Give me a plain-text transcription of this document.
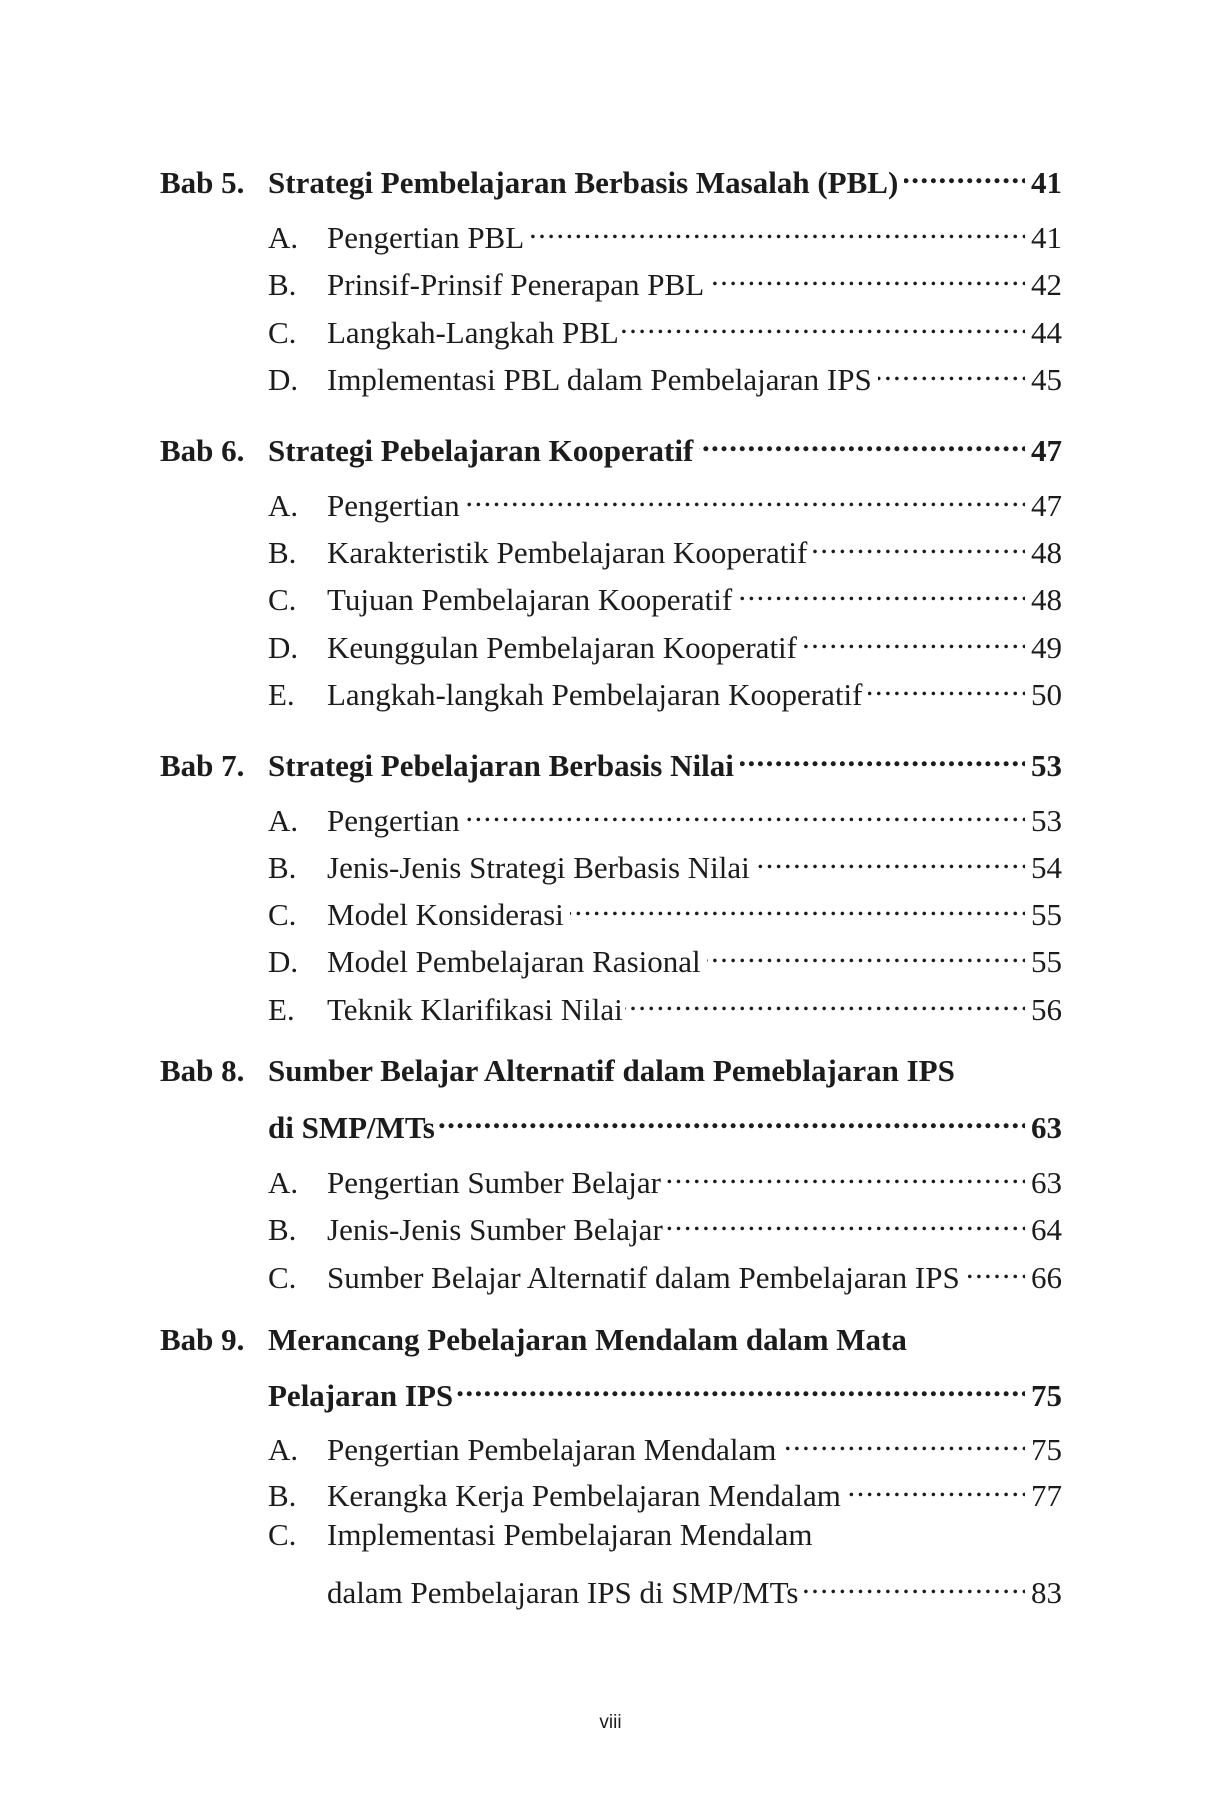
Bab 5. Strategi Pembelajaran Berbasis Masalah (PBL) . . .	41
A. Pengertian PBL . . .	41
B. Prinsif-Prinsif Penerapan PBL . . .	42
C. Langkah-Langkah PBL . . .	44
D. Implementasi PBL dalam Pembelajaran IPS . . .	45
Bab 6. Strategi Pebelajaran Kooperatif . . .	47
A. Pengertian . . .	47
B. Karakteristik Pembelajaran Kooperatif . . .	48
C. Tujuan Pembelajaran Kooperatif . . .	48
D. Keunggulan Pembelajaran Kooperatif . . .	49
E.	Langkah-langkah Pembelajaran Kooperatif . . .	50
Bab 7. Strategi Pebelajaran Berbasis Nilai . . .	53
A. Pengertian . . .	53
B. Jenis-Jenis Strategi Berbasis Nilai . . .	54
C. Model Konsiderasi . . .	55
D. Model Pembelajaran Rasional . . .	55
E.	Teknik Klarifikasi Nilai . . .	56
Bab 8. Sumber Belajar Alternatif dalam Pemeblajaran IPS
di SMP/MTs . . .	63
A. Pengertian Sumber Belajar . . .	63
B. Jenis-Jenis Sumber Belajar . . .	64
C. Sumber Belajar Alternatif dalam Pembelajaran IPS . . . 66
Bab 9. Merancang Pebelajaran Mendalam dalam Mata
Pelajaran IPS . . .	75
A. Pengertian Pembelajaran Mendalam . . .	75
B. Kerangka Kerja Pembelajaran Mendalam . . .	77
C. Implementasi Pembelajaran Mendalam
dalam Pembelajaran IPS di SMP/MTs . . .	83
viii
